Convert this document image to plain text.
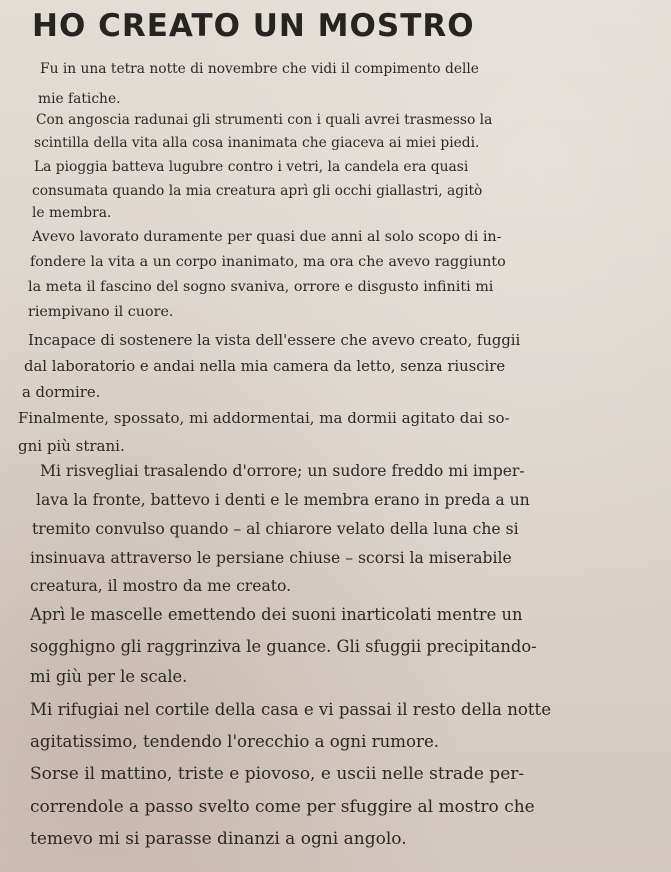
HO CREATO UN MOSTRO
Fu in una tetra notte di novembre che vidi il compimento delle
mie fatiche.
Con angoscia radunai gli strumenti con i quali avrei trasmesso la
scintilla della vita alla cosa inanimata che giaceva ai miei piedi.
La pioggia batteva lugubre contro i vetri, la candela era quasi
consumata quando la mia creatura aprì gli occhi giallastri, agitò
le membra.
Avevo lavorato duramente per quasi due anni al solo scopo di in-
fondere la vita a un corpo inanimato, ma ora che avevo raggiunto
la meta il fascino del sogno svaniva, orrore e disgusto infiniti mi
riempivano il cuore.
Incapace di sostenere la vista dell'essere che avevo creato, fuggii
dal laboratorio e andai nella mia camera da letto, senza riuscire
a dormire.
Finalmente, spossato, mi addormentai, ma dormii agitato dai so-
gni più strani.
Mi risvegliai trasalendo d'orrore; un sudore freddo mi imper-
lava la fronte, battevo i denti e le membra erano in preda a un
tremito convulso quando – al chiarore velato della luna che si
insinuava attraverso le persiane chiuse – scorsi la miserabile
creatura, il mostro da me creato.
Aprì le mascelle emettendo dei suoni inarticolati mentre un
sogghigno gli raggrinziva le guance. Gli sfuggii precipitando-
mi giù per le scale.
Mi rifugiai nel cortile della casa e vi passai il resto della notte
agitatissimo, tendendo l'orecchio a ogni rumore.
Sorse il mattino, triste e piovoso, e uscii nelle strade per-
correndole a passo svelto come per sfuggire al mostro che
temevo mi si parasse dinanzi a ogni angolo.
